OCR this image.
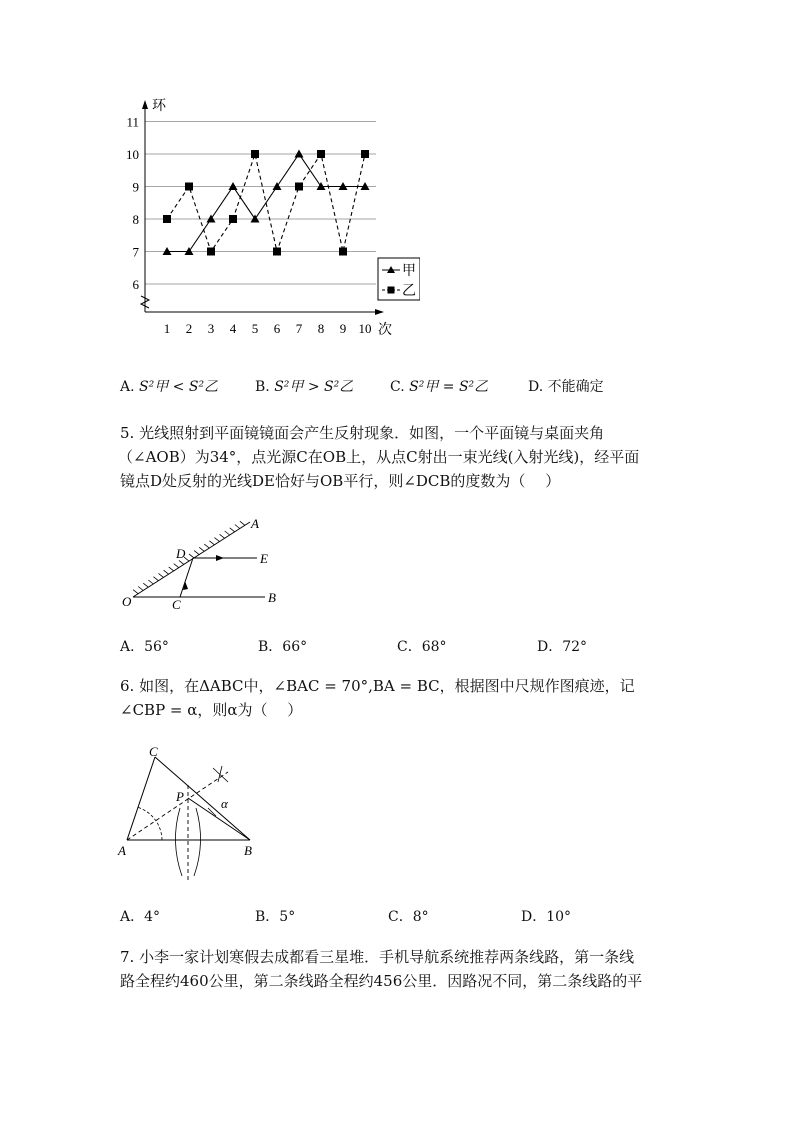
环
次
6
7
8
9
10
11
1 2 3 4 5 6 7 8 9 10
甲
乙
A. S²甲 < S²乙	B. S²甲 > S²乙	C. S²甲 = S²乙	D. 不能确定
5. 光线照射到平面镜镜面会产生反射现象．如图，一个平面镜与桌面夹角
（∠AOB）为34°，点光源C在OB上，从点C射出一束光线(入射光线)，经平面
镜点D处反射的光线DE恰好与OB平行，则∠DCB的度数为（　 ）
A
D	E
O	C	B
A．56°	B．66°	C．68°	D．72°
6. 如图，在ΔABC中，∠BAC = 70°,BA = BC，根据图中尺规作图痕迹，记
∠CBP = α，则α为（　 ）
C
P	α
A	B
A．4°	B．5°	C．8°	D．10°
7. 小李一家计划寒假去成都看三星堆．手机导航系统推荐两条线路，第一条线
路全程约460公里，第二条线路全程约456公里．因路况不同，第二条线路的平
